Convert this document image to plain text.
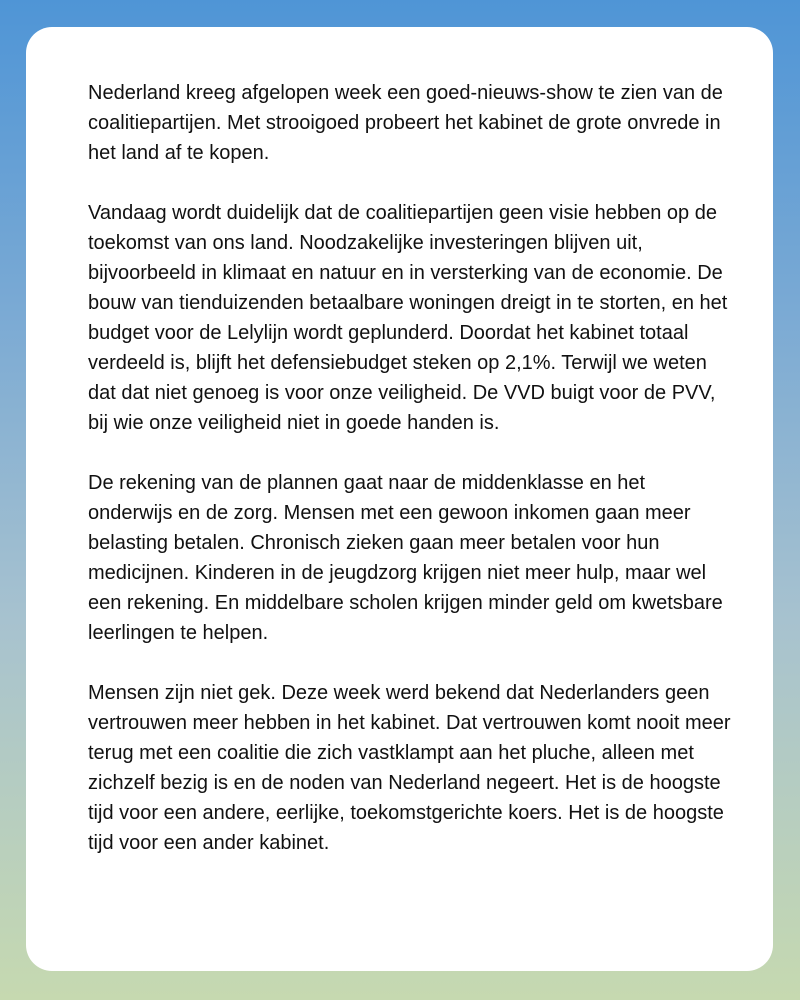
Nederland kreeg afgelopen week een goed-nieuws-show te zien van de coalitiepartijen. Met strooigoed probeert het kabinet de grote onvrede in het land af te kopen.

Vandaag wordt duidelijk dat de coalitiepartijen geen visie hebben op de toekomst van ons land. Noodzakelijke investeringen blijven uit, bijvoorbeeld in klimaat en natuur en in versterking van de economie. De bouw van tienduizenden betaalbare woningen dreigt in te storten, en het budget voor de Lelylijn wordt geplunderd. Doordat het kabinet totaal verdeeld is, blijft het defensiebudget steken op 2,1%. Terwijl we weten dat dat niet genoeg is voor onze veiligheid. De VVD buigt voor de PVV, bij wie onze veiligheid niet in goede handen is.

De rekening van de plannen gaat naar de middenklasse en het onderwijs en de zorg. Mensen met een gewoon inkomen gaan meer belasting betalen. Chronisch zieken gaan meer betalen voor hun medicijnen. Kinderen in de jeugdzorg krijgen niet meer hulp, maar wel een rekening. En middelbare scholen krijgen minder geld om kwetsbare leerlingen te helpen.

Mensen zijn niet gek. Deze week werd bekend dat Nederlanders geen vertrouwen meer hebben in het kabinet. Dat vertrouwen komt nooit meer terug met een coalitie die zich vastklampt aan het pluche, alleen met zichzelf bezig is en de noden van Nederland negeert. Het is de hoogste tijd voor een andere, eerlijke, toekomstgerichte koers. Het is de hoogste tijd voor een ander kabinet.
